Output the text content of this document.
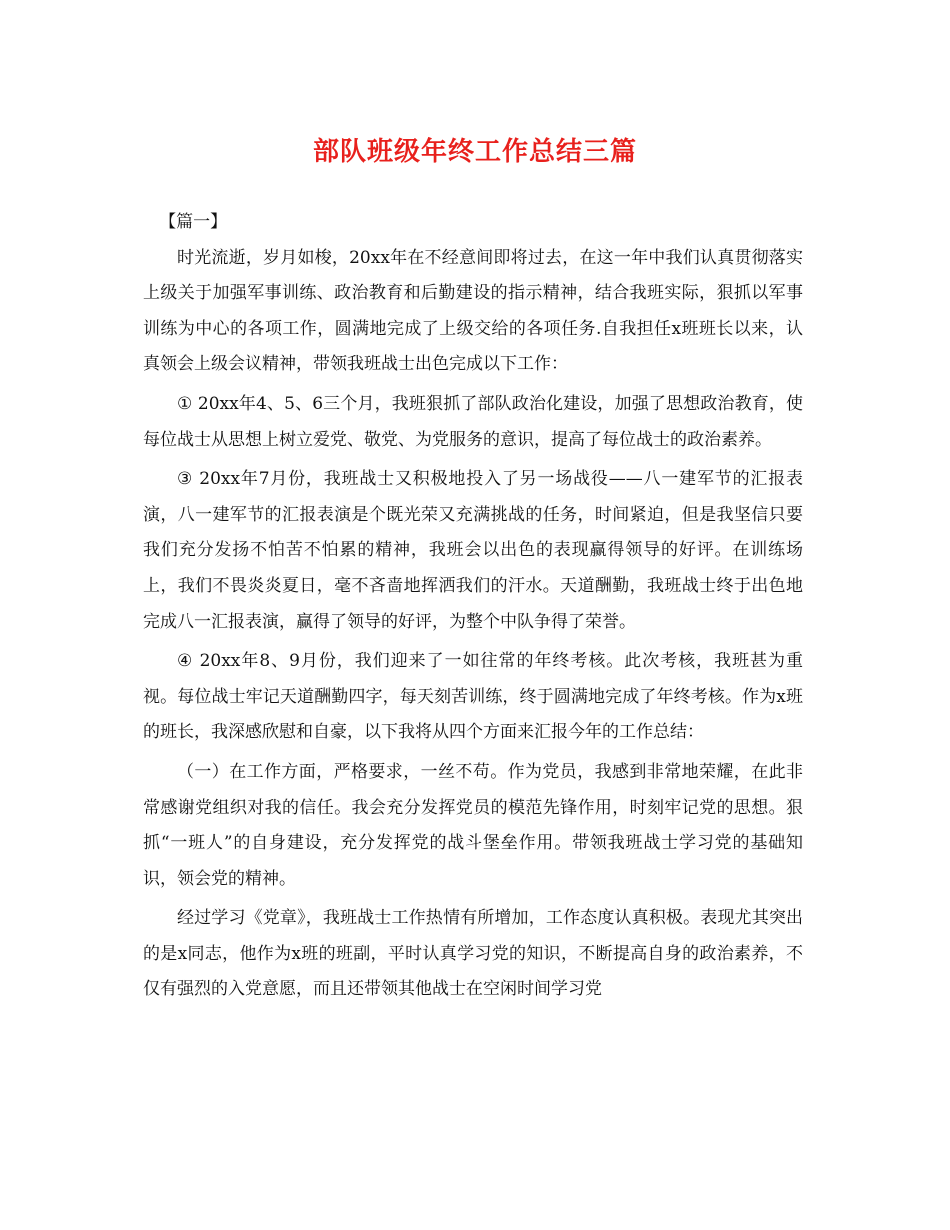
部队班级年终工作总结三篇

【篇一】

时光流逝，岁月如梭，20xx年在不经意间即将过去，在这一年中我们认真贯彻落实上级关于加强军事训练、政治教育和后勤建设的指示精神，结合我班实际，狠抓以军事训练为中心的各项工作，圆满地完成了上级交给的各项任务.自我担任x班班长以来，认真领会上级会议精神，带领我班战士出色完成以下工作：

① 20xx年4、5、6三个月，我班狠抓了部队政治化建设，加强了思想政治教育，使每位战士从思想上树立爱党、敬党、为党服务的意识，提高了每位战士的政治素养。

③ 20xx年7月份，我班战士又积极地投入了另一场战役——八一建军节的汇报表演，八一建军节的汇报表演是个既光荣又充满挑战的任务，时间紧迫，但是我坚信只要我们充分发扬不怕苦不怕累的精神，我班会以出色的表现赢得领导的好评。在训练场上，我们不畏炎炎夏日，毫不吝啬地挥洒我们的汗水。天道酬勤，我班战士终于出色地完成八一汇报表演，赢得了领导的好评，为整个中队争得了荣誉。

④ 20xx年8、9月份，我们迎来了一如往常的年终考核。此次考核，我班甚为重视。每位战士牢记天道酬勤四字，每天刻苦训练，终于圆满地完成了年终考核。作为x班的班长，我深感欣慰和自豪，以下我将从四个方面来汇报今年的工作总结：

（一）在工作方面，严格要求，一丝不苟。作为党员，我感到非常地荣耀，在此非常感谢党组织对我的信任。我会充分发挥党员的模范先锋作用，时刻牢记党的思想。狠抓“一班人”的自身建设，充分发挥党的战斗堡垒作用。带领我班战士学习党的基础知识，领会党的精神。

经过学习《党章》，我班战士工作热情有所增加，工作态度认真积极。表现尤其突出的是x同志，他作为x班的班副，平时认真学习党的知识，不断提高自身的政治素养，不仅有强烈的入党意愿，而且还带领其他战士在空闲时间学习党
